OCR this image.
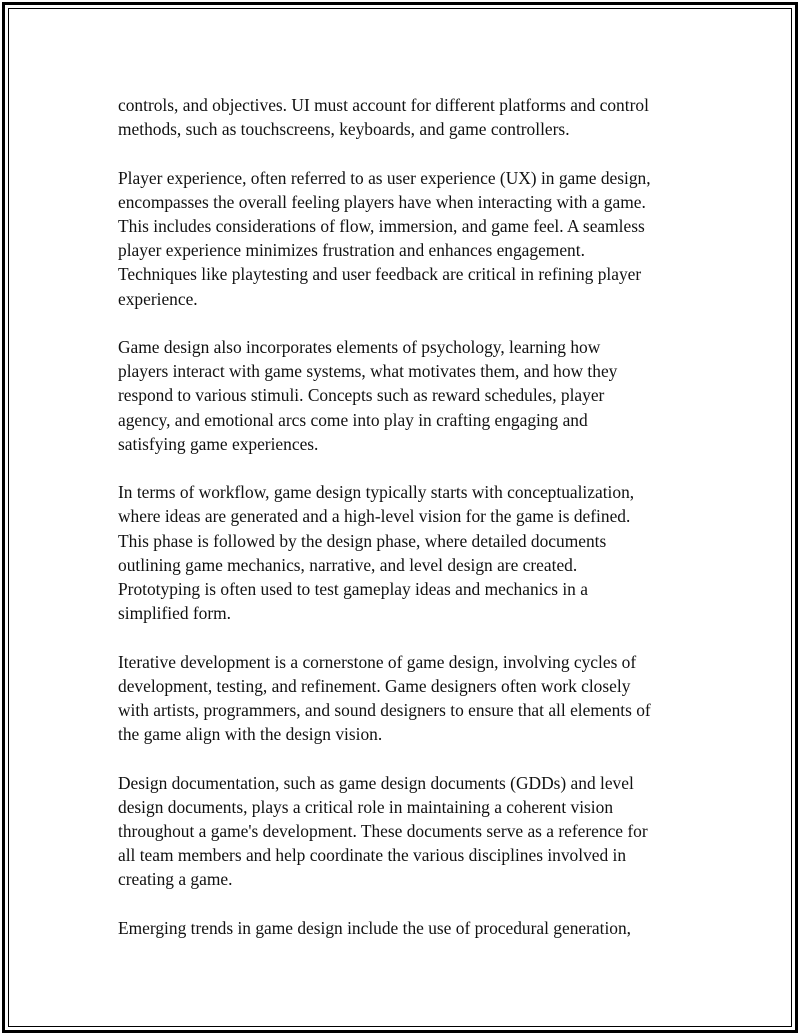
controls, and objectives. UI must account for different platforms and control
methods, such as touchscreens, keyboards, and game controllers.

Player experience, often referred to as user experience (UX) in game design,
encompasses the overall feeling players have when interacting with a game.
This includes considerations of flow, immersion, and game feel. A seamless
player experience minimizes frustration and enhances engagement.
Techniques like playtesting and user feedback are critical in refining player
experience.

Game design also incorporates elements of psychology, learning how
players interact with game systems, what motivates them, and how they
respond to various stimuli. Concepts such as reward schedules, player
agency, and emotional arcs come into play in crafting engaging and
satisfying game experiences.

In terms of workflow, game design typically starts with conceptualization,
where ideas are generated and a high-level vision for the game is defined.
This phase is followed by the design phase, where detailed documents
outlining game mechanics, narrative, and level design are created.
Prototyping is often used to test gameplay ideas and mechanics in a
simplified form.

Iterative development is a cornerstone of game design, involving cycles of
development, testing, and refinement. Game designers often work closely
with artists, programmers, and sound designers to ensure that all elements of
the game align with the design vision.

Design documentation, such as game design documents (GDDs) and level
design documents, plays a critical role in maintaining a coherent vision
throughout a game's development. These documents serve as a reference for
all team members and help coordinate the various disciplines involved in
creating a game.

Emerging trends in game design include the use of procedural generation,
